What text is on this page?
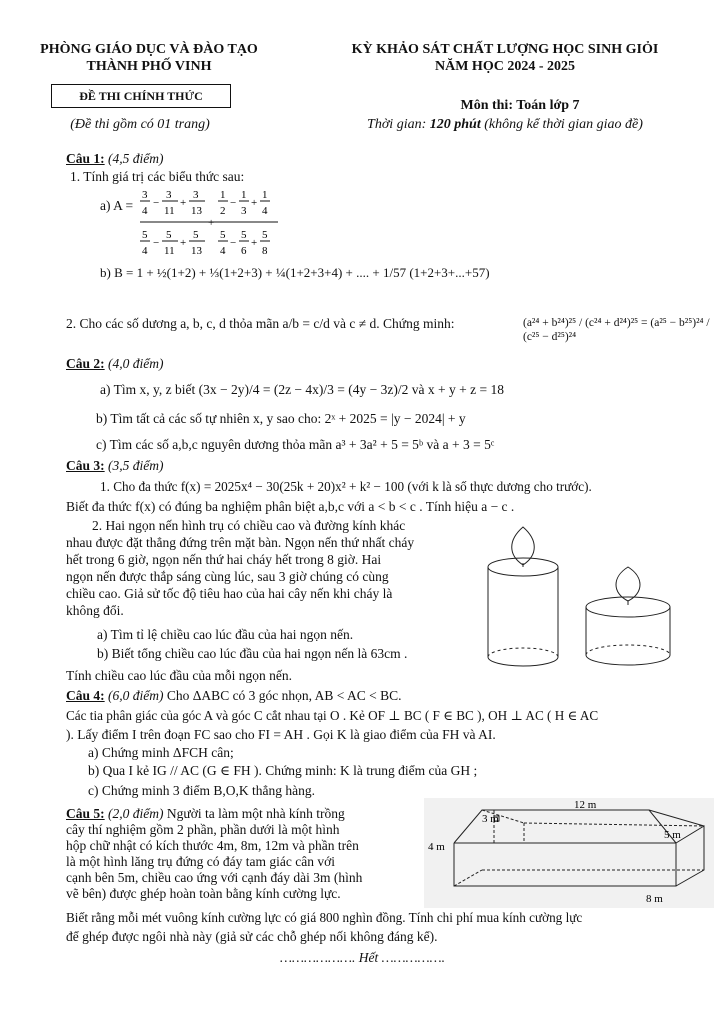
PHÒNG GIÁO DỤC VÀ ĐÀO TẠO
THÀNH PHỐ VINH
KỲ KHẢO SÁT CHẤT LƯỢNG HỌC SINH GIỎI
NĂM HỌC 2024 - 2025
ĐỀ THI CHÍNH THỨC
(Đề thi gồm có 01 trang)
Môn thi: Toán lớp 7
Thời gian: 120 phút (không kể thời gian giao đề)
Câu 1: (4,5 điểm)
1. Tính giá trị các biểu thức sau:
a) A =
3
4
−
3
11
+
3
13
+
1
2
−
1
3
+
1
4
5
4
−
5
11
+
5
13
5
4
−
5
6
+
5
8
b) B = 1 + ½(1+2) + ⅓(1+2+3) + ¼(1+2+3+4) + .... + 1/57 (1+2+3+...+57)
2. Cho các số dương a, b, c, d thỏa mãn a/b = c/d và c ≠ d. Chứng minh:	(a²⁴ + b²⁴)²⁵ / (c²⁴ + d²⁴)²⁵ = (a²⁵ − b²⁵)²⁴ / (c²⁵ − d²⁵)²⁴
Câu 2: (4,0 điểm)
a) Tìm x, y, z biết (3x − 2y)/4 = (2z − 4x)/3 = (4y − 3z)/2 và x + y + z = 18
b) Tìm tất cả các số tự nhiên x, y sao cho: 2ˣ + 2025 = |y − 2024| + y
c) Tìm các số a,b,c nguyên dương thỏa mãn a³ + 3a² + 5 = 5ᵇ và a + 3 = 5ᶜ
Câu 3: (3,5 điểm)
1. Cho đa thức f(x) = 2025x⁴ − 30(25k + 20)x² + k² − 100 (với k là số thực dương cho trước).
Biết đa thức f(x) có đúng ba nghiệm phân biệt a,b,c với a < b < c . Tính hiệu a − c .
2. Hai ngọn nến hình trụ có chiều cao và đường kính khác
nhau được đặt thẳng đứng trên mặt bàn. Ngọn nến thứ nhất cháy
hết trong 6 giờ, ngọn nến thứ hai cháy hết trong 8 giờ. Hai
ngọn nến được thắp sáng cùng lúc, sau 3 giờ chúng có cùng
chiều cao. Giả sử tốc độ tiêu hao của hai cây nến khi cháy là
không đổi.
a) Tìm tỉ lệ chiều cao lúc đầu của hai ngọn nến.
b) Biết tổng chiều cao lúc đầu của hai ngọn nến là 63cm .
Tính chiều cao lúc đầu của mỗi ngọn nến.
Câu 4: (6,0 điểm) Cho ΔABC có 3 góc nhọn, AB < AC < BC.
Các tia phân giác của góc A và góc C cắt nhau tại O . Kẻ OF ⊥ BC ( F ∈ BC ), OH ⊥ AC ( H ∈ AC
). Lấy điểm I trên đoạn FC sao cho FI = AH . Gọi K là giao điểm của FH và AI.
a) Chứng minh ΔFCH cân;
b) Qua I kẻ IG // AC (G ∈ FH ). Chứng minh: K là trung điểm của GH ;
c) Chứng minh 3 điểm B,O,K thẳng hàng.
Câu 5: (2,0 điểm) Người ta làm một nhà kính trồng
cây thí nghiệm gồm 2 phần, phần dưới là một hình
hộp chữ nhật có kích thước 4m, 8m, 12m và phần trên
là một hình lăng trụ đứng có đáy tam giác cân với
cạnh bên 5m, chiều cao ứng với cạnh đáy dài 3m (hình
vẽ bên) được ghép hoàn toàn bằng kính cường lực.
Biết rằng mỗi mét vuông kính cường lực có giá 800 nghìn đồng. Tính chi phí mua kính cường lực
để ghép được ngôi nhà này (giả sử các chỗ ghép nối không đáng kể).
12 m
3 m
5 m
4 m
8 m
………………. Hết …………….
